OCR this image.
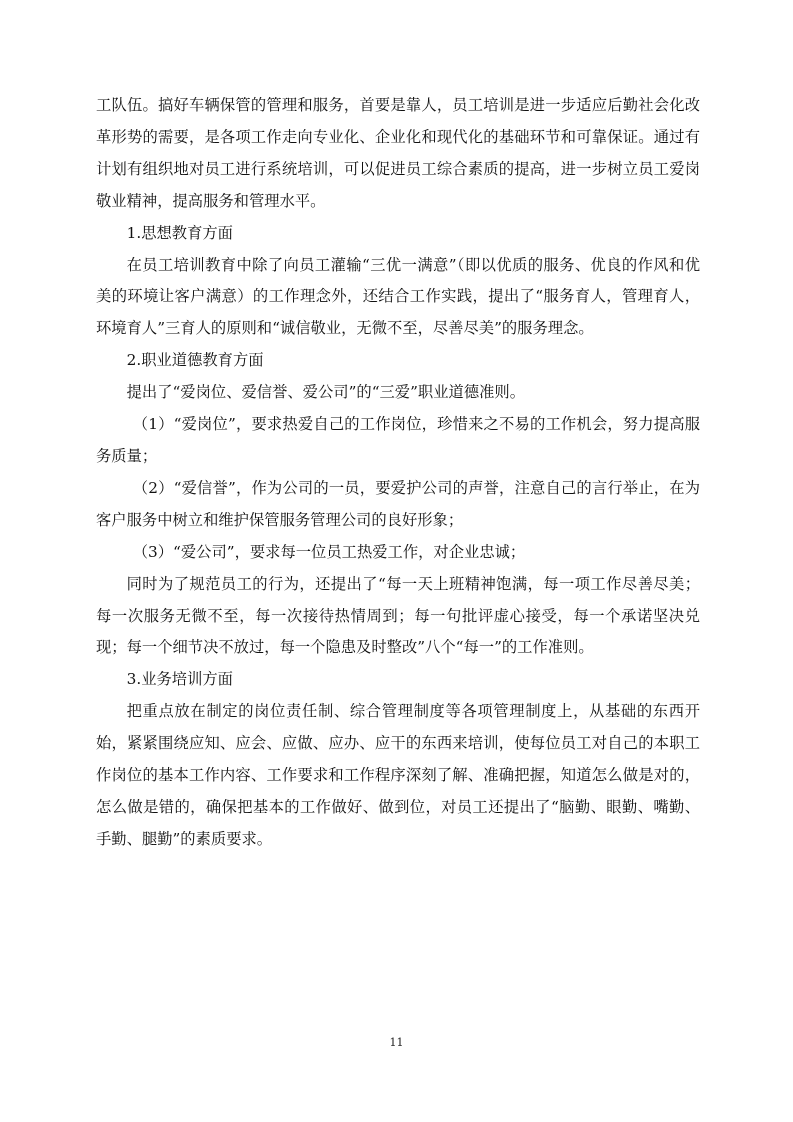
工队伍。搞好车辆保管的管理和服务，首要是靠人，员工培训是进一步适应后勤社会化改革形势的需要，是各项工作走向专业化、企业化和现代化的基础环节和可靠保证。通过有计划有组织地对员工进行系统培训，可以促进员工综合素质的提高，进一步树立员工爱岗敬业精神，提高服务和管理水平。

1.思想教育方面

在员工培训教育中除了向员工灌输“三优一满意”（即以优质的服务、优良的作风和优美的环境让客户满意）的工作理念外，还结合工作实践，提出了“服务育人，管理育人，环境育人”三育人的原则和“诚信敬业，无微不至，尽善尽美”的服务理念。

2.职业道德教育方面

提出了“爱岗位、爱信誉、爱公司”的“三爱”职业道德准则。

（1）“爱岗位”，要求热爱自己的工作岗位，珍惜来之不易的工作机会，努力提高服务质量；

（2）“爱信誉”，作为公司的一员，要爱护公司的声誉，注意自己的言行举止，在为客户服务中树立和维护保管服务管理公司的良好形象；

（3）“爱公司”，要求每一位员工热爱工作，对企业忠诚；

同时为了规范员工的行为，还提出了“每一天上班精神饱满，每一项工作尽善尽美；每一次服务无微不至，每一次接待热情周到；每一句批评虚心接受，每一个承诺坚决兑现；每一个细节决不放过，每一个隐患及时整改”八个“每一”的工作准则。

3.业务培训方面

把重点放在制定的岗位责任制、综合管理制度等各项管理制度上，从基础的东西开始，紧紧围绕应知、应会、应做、应办、应干的东西来培训，使每位员工对自己的本职工作岗位的基本工作内容、工作要求和工作程序深刻了解、准确把握，知道怎么做是对的，怎么做是错的，确保把基本的工作做好、做到位，对员工还提出了“脑勤、眼勤、嘴勤、手勤、腿勤”的素质要求。

11
